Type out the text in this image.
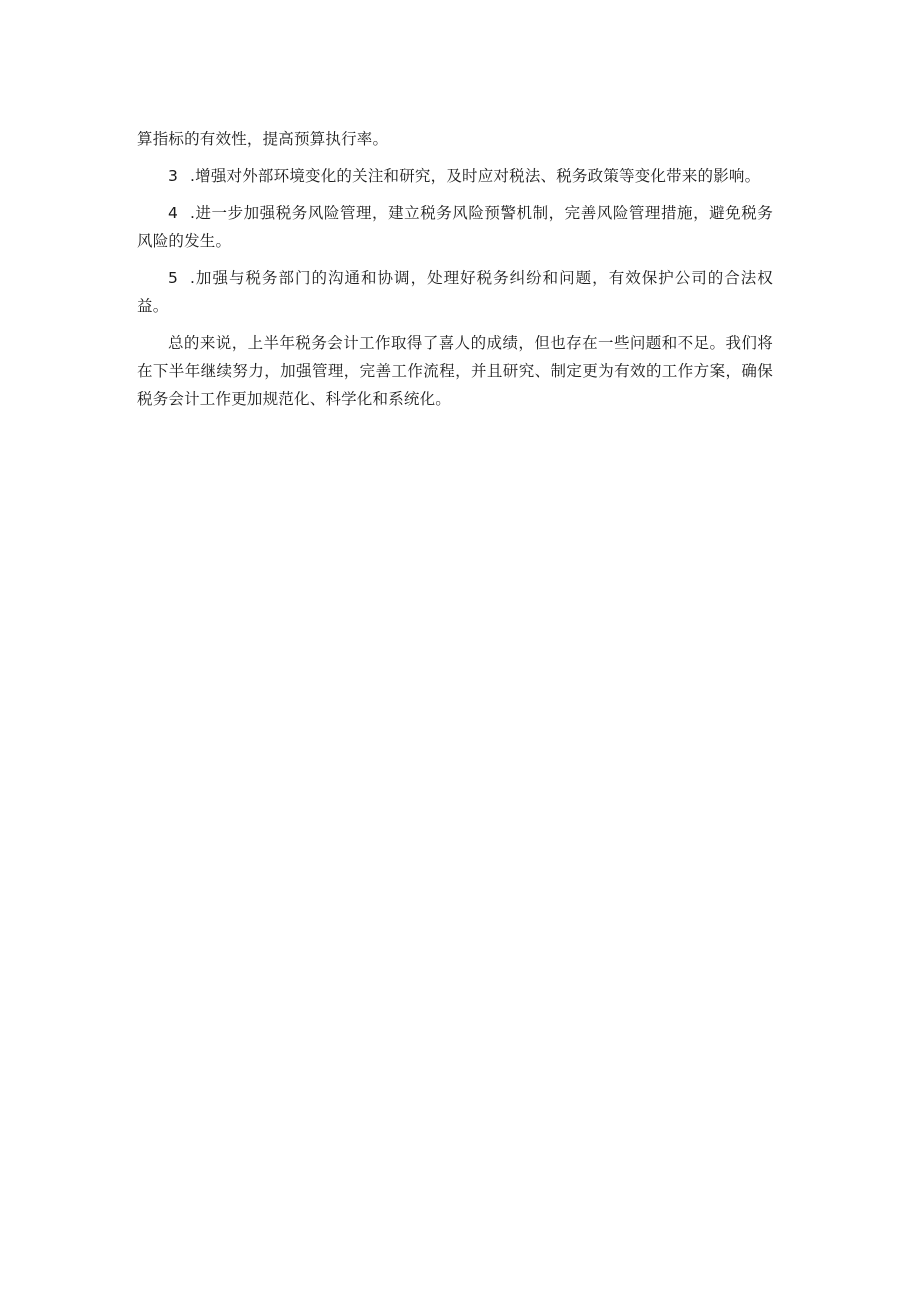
算指标的有效性，提高预算执行率。

3 .增强对外部环境变化的关注和研究，及时应对税法、税务政策等变化带来的影响。

4 .进一步加强税务风险管理，建立税务风险预警机制，完善风险管理措施，避免税务风险的发生。

5 .加强与税务部门的沟通和协调，处理好税务纠纷和问题，有效保护公司的合法权益。

总的来说，上半年税务会计工作取得了喜人的成绩，但也存在一些问题和不足。我们将在下半年继续努力，加强管理，完善工作流程，并且研究、制定更为有效的工作方案，确保税务会计工作更加规范化、科学化和系统化。
